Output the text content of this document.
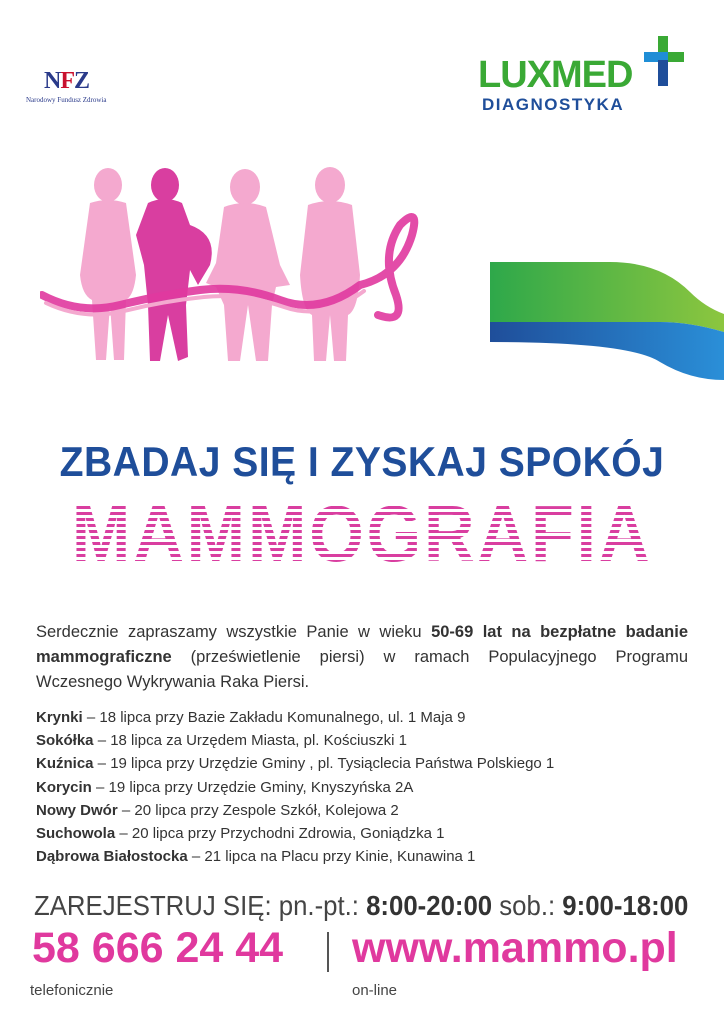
NFZ
Narodowy Fundusz Zdrowia
LUXMED
DIAGNOSTYKA
ZBADAJ SIĘ I ZYSKAJ SPOKÓJ
MAMMOGRAFIA
Serdecznie zapraszamy wszystkie Panie w wieku 50-69 lat na bezpłatne badanie mammograficzne (prześwietlenie piersi) w ramach Populacyjnego Programu Wczesnego Wykrywania Raka Piersi.
Krynki – 18 lipca przy Bazie Zakładu Komunalnego, ul. 1 Maja 9
Sokółka – 18 lipca za Urzędem Miasta, pl. Kościuszki 1
Kuźnica – 19 lipca przy Urzędzie Gminy , pl. Tysiąclecia Państwa Polskiego 1
Korycin – 19 lipca przy Urzędzie Gminy, Knyszyńska 2A
Nowy Dwór – 20 lipca przy Zespole Szkół, Kolejowa 2
Suchowola – 20 lipca przy Przychodni Zdrowia, Goniądzka 1
Dąbrowa Białostocka – 21 lipca na Placu przy Kinie, Kunawina 1
ZAREJESTRUJ SIĘ: pn.-pt.: 8:00-20:00 sob.: 9:00-18:00
58 666 24 44 www.mammo.pl
telefonicznie	on-line
